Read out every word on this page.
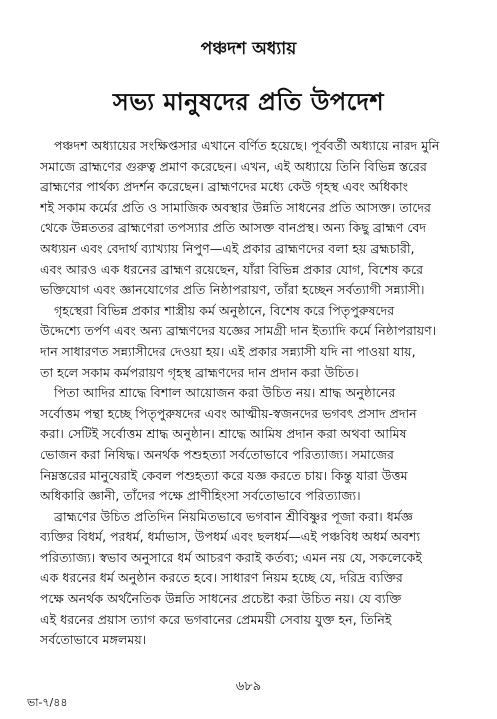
পঞ্চদশ অধ্যায়
সভ্য মানুষদের প্রতি উপদেশ
পঞ্চদশ অধ্যায়ের সংক্ষিপ্তসার এখানে বর্ণিত হয়েছে। পূর্ববর্তী অধ্যায়ে নারদ মুনি
সমাজে ব্রাহ্মণের গুরুত্ব প্রমাণ করেছেন। এখন, এই অধ্যায়ে তিনি বিভিন্ন স্তরের
ব্রাহ্মণের পার্থক্য প্রদর্শন করেছেন। ব্রাহ্মণদের মধ্যে কেউ গৃহস্থ এবং অধিকাং
শই সকাম কর্মের প্রতি ও সামাজিক অবস্থার উন্নতি সাধনের প্রতি আসক্ত। তাদের
থেকে উন্নততর ব্রাহ্মণেরা তপস্যার প্রতি আসক্ত বানপ্রস্থ। অন্য কিছু ব্রাহ্মণ বেদ
অধ্যয়ন এবং বেদার্থ ব্যাখ্যায় নিপুণ—এই প্রকার ব্রাহ্মণদের বলা হয় ব্রহ্মচারী,
এবং আরও এক ধরনের ব্রাহ্মণ রয়েছেন, যাঁরা বিভিন্ন প্রকার যোগ, বিশেষ করে
ভক্তিযোগ এবং জ্ঞানযোগের প্রতি নিষ্ঠাপরায়ণ, তাঁরা হচ্ছেন সর্বত্যাগী সন্ন্যাসী।
গৃহস্থেরা বিভিন্ন প্রকার শাস্ত্রীয় কর্ম অনুষ্ঠানে, বিশেষ করে পিতৃপুরুষদের
উদ্দেশ্যে তর্পণ এবং অন্য ব্রাহ্মণদের যজ্ঞের সামগ্রী দান ইত্যাদি কর্মে নিষ্ঠাপরায়ণ।
দান সাধারণত সন্ন্যাসীদের দেওয়া হয়। এই প্রকার সন্ন্যাসী যদি না পাওয়া যায়,
তা হলে সকাম কর্মপরায়ণ গৃহস্থ ব্রাহ্মণদের দান প্রদান করা উচিত।
পিতা আদির শ্রাদ্ধে বিশাল আয়োজন করা উচিত নয়। শ্রাদ্ধ অনুষ্ঠানের
সর্বোত্তম পন্থা হচ্ছে পিতৃপুরুষদের এবং আত্মীয়-স্বজনদের ভগবৎ প্রসাদ প্রদান
করা। সেটিই সর্বোত্তম শ্রাদ্ধ অনুষ্ঠান। শ্রাদ্ধে আমিষ প্রদান করা অথবা আমিষ
ভোজন করা নিষিদ্ধ। অনর্থক পশুহত্যা সর্বতোভাবে পরিত্যাজ্য। সমাজের
নিম্নস্তরের মানুষেরাই কেবল পশুহত্যা করে যজ্ঞ করতে চায়। কিন্তু যারা উত্তম
অধিকারি জ্ঞানী, তাঁদের পক্ষে প্রাণীহিংসা সর্বতোভাবে পরিত্যাজ্য।
ব্রাহ্মণের উচিত প্রতিদিন নিয়মিতভাবে ভগবান শ্রীবিষ্ণুর পূজা করা। ধর্মজ্ঞ
ব্যক্তির বিধর্ম, পরধর্ম, ধর্মাভাস, উপধর্ম এবং ছলধর্ম—এই পঞ্চবিধ অধর্ম অবশ্য
পরিত্যাজ্য। স্বভাব অনুসারে ধর্ম আচরণ করাই কর্তব্য; এমন নয় যে, সকলেকেই
এক ধরনের ধর্ম অনুষ্ঠান করতে হবে। সাধারণ নিয়ম হচ্ছে যে, দরিদ্র ব্যক্তির
পক্ষে অনর্থক অর্থনৈতিক উন্নতি সাধনের প্রচেষ্টা করা উচিত নয়। যে ব্যক্তি
এই ধরনের প্রয়াস ত্যাগ করে ভগবানের প্রেমময়ী সেবায় যুক্ত হন, তিনিই
সর্বতোভাবে মঙ্গলময়।
৬৮৯
ভা-৭/৪৪
